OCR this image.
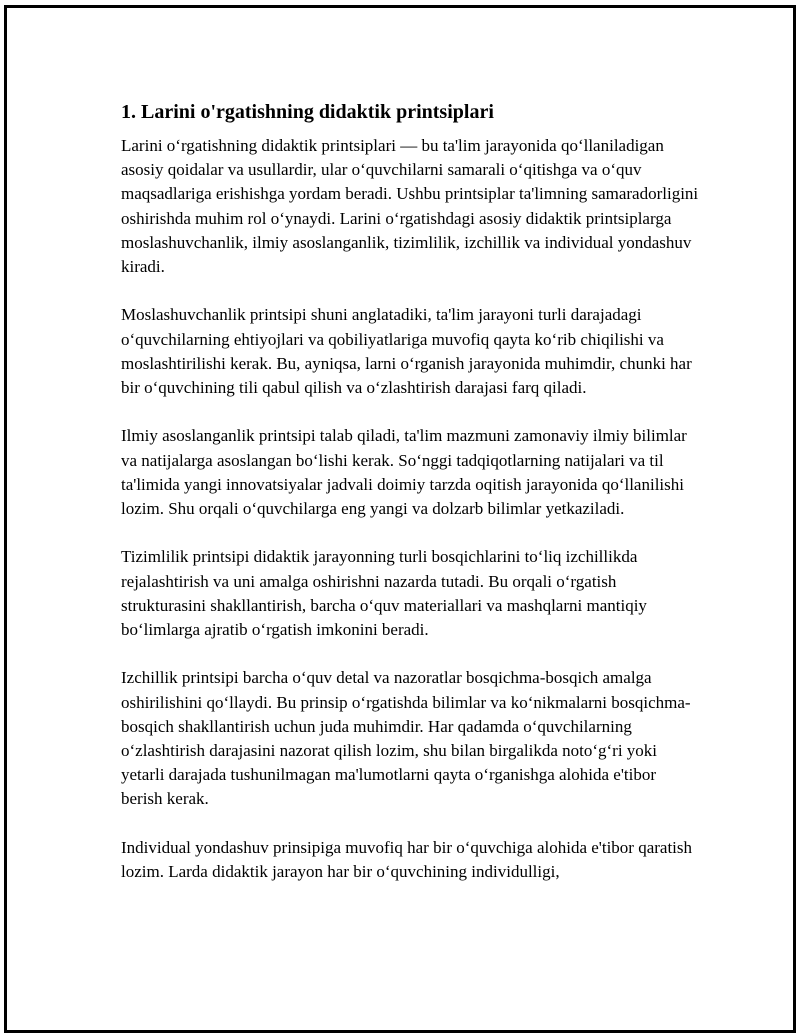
1. Larini o'rgatishning didaktik printsiplari

Larini o‘rgatishning didaktik printsiplari — bu ta'lim jarayonida qo‘llaniladigan asosiy qoidalar va usullardir, ular o‘quvchilarni samarali o‘qitishga va o‘quv maqsadlariga erishishga yordam beradi. Ushbu printsiplar ta'limning samaradorligini oshirishda muhim rol o‘ynaydi. Larini o‘rgatishdagi asosiy didaktik printsiplarga moslashuvchanlik, ilmiy asoslanganlik, tizimlilik, izchillik va individual yondashuv kiradi.

Moslashuvchanlik printsipi shuni anglatadiki, ta'lim jarayoni turli darajadagi o‘quvchilarning ehtiyojlari va qobiliyatlariga muvofiq qayta ko‘rib chiqilishi va moslashtirilishi kerak. Bu, ayniqsa, larni o‘rganish jarayonida muhimdir, chunki har bir o‘quvchining tili qabul qilish va o‘zlashtirish darajasi farq qiladi.

Ilmiy asoslanganlik printsipi talab qiladi, ta'lim mazmuni zamonaviy ilmiy bilimlar va natijalarga asoslangan bo‘lishi kerak. So‘nggi tadqiqotlarning natijalari va til ta'limida yangi innovatsiyalar jadvali doimiy tarzda oqitish jarayonida qo‘llanilishi lozim. Shu orqali o‘quvchilarga eng yangi va dolzarb bilimlar yetkaziladi.

Tizimlilik printsipi didaktik jarayonning turli bosqichlarini to‘liq izchillikda rejalashtirish va uni amalga oshirishni nazarda tutadi. Bu orqali o‘rgatish strukturasini shakllantirish, barcha o‘quv materiallari va mashqlarni mantiqiy bo‘limlarga ajratib o‘rgatish imkonini beradi.

Izchillik printsipi barcha o‘quv detal va nazoratlar bosqichma-bosqich amalga oshirilishini qo‘llaydi. Bu prinsip o‘rgatishda bilimlar va ko‘nikmalarni bosqichma-bosqich shakllantirish uchun juda muhimdir. Har qadamda o‘quvchilarning o‘zlashtirish darajasini nazorat qilish lozim, shu bilan birgalikda noto‘g‘ri yoki yetarli darajada tushunilmagan ma'lumotlarni qayta o‘rganishga alohida e'tibor berish kerak.

Individual yondashuv prinsipiga muvofiq har bir o‘quvchiga alohida e'tibor qaratish lozim. Larda didaktik jarayon har bir o‘quvchining individulligi,
